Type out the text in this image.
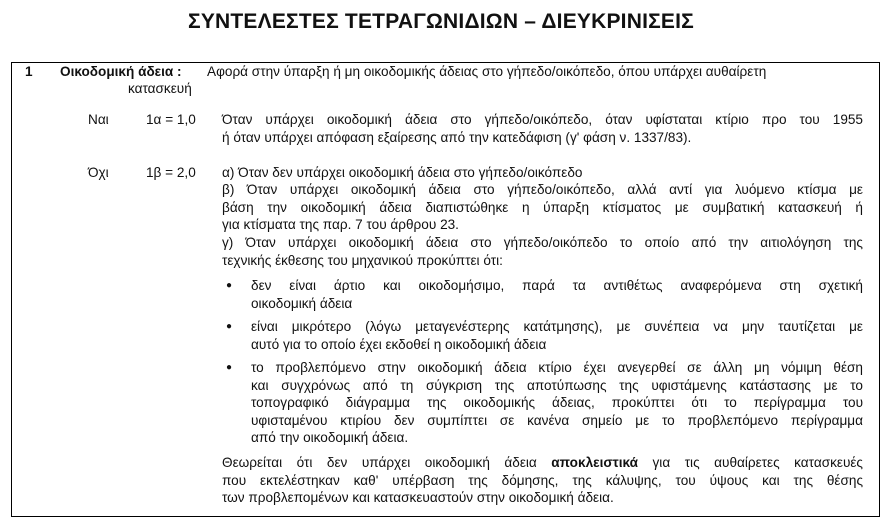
ΣΥΝΤΕΛΕΣΤΕΣ ΤΕΤΡΑΓΩΝΙΔΙΩΝ – ΔΙΕΥΚΡΙΝΙΣΕΙΣ
1 Οικοδομική άδεια : Αφορά στην ύπαρξη ή μη οικοδομικής άδειας στο γήπεδο/οικόπεδο, όπου υπάρχει αυθαίρετη
κατασκευή
Ναι	1α = 1,0 Όταν υπάρχει οικοδομική άδεια στο γήπεδο/οικόπεδο, όταν υφίσταται κτίριο προ του 1955
ή όταν υπάρχει απόφαση εξαίρεσης από την κατεδάφιση (γ' φάση ν. 1337/83).
Όχι	1β = 2,0 α) Όταν δεν υπάρχει οικοδομική άδεια στο γήπεδο/οικόπεδο
β) Όταν υπάρχει οικοδομική άδεια στο γήπεδο/οικόπεδο, αλλά αντί για λυόμενο κτίσμα με
βάση την οικοδομική άδεια διαπιστώθηκε η ύπαρξη κτίσματος με συμβατική κατασκευή ή
για κτίσματα της παρ. 7 του άρθρου 23.
γ) Όταν υπάρχει οικοδομική άδεια στο γήπεδο/οικόπεδο το οποίο από την αιτιολόγηση της
τεχνικής έκθεσης του μηχανικού προκύπτει ότι:
● δεν είναι άρτιο και οικοδομήσιμο, παρά τα αντιθέτως αναφερόμενα στη σχετική
οικοδομική άδεια
● είναι μικρότερο (λόγω μεταγενέστερης κατάτμησης), με συνέπεια να μην ταυτίζεται με
αυτό για το οποίο έχει εκδοθεί η οικοδομική άδεια
● το προβλεπόμενο στην οικοδομική άδεια κτίριο έχει ανεγερθεί σε άλλη μη νόμιμη θέση
και συγχρόνως από τη σύγκριση της αποτύπωσης της υφιστάμενης κατάστασης με το
τοπογραφικό διάγραμμα της οικοδομικής άδειας, προκύπτει ότι το περίγραμμα του
υφισταμένου κτιρίου δεν συμπίπτει σε κανένα σημείο με το προβλεπόμενο περίγραμμα
από την οικοδομική άδεια.
Θεωρείται ότι δεν υπάρχει οικοδομική άδεια αποκλειστικά για τις αυθαίρετες κατασκευές
που εκτελέστηκαν καθ' υπέρβαση της δόμησης, της κάλυψης, του ύψους και της θέσης
των προβλεπομένων και κατασκευαστούν στην οικοδομική άδεια.
